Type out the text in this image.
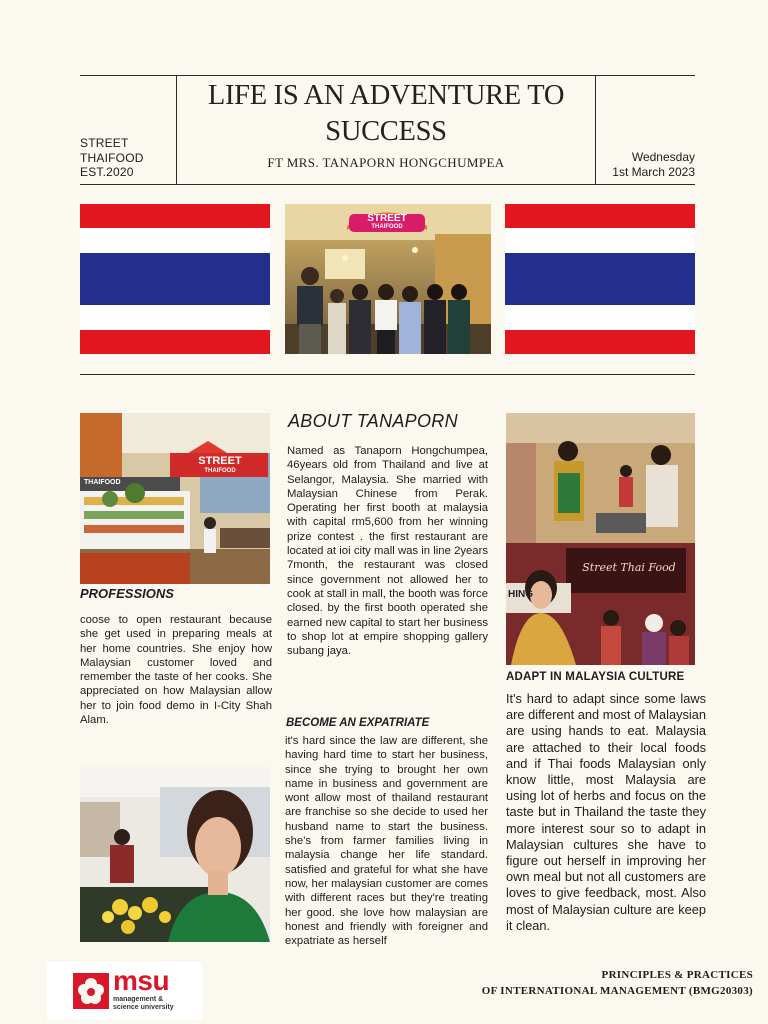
STREET
THAIFOOD
EST.2020
LIFE IS AN ADVENTURE TO SUCCESS
FT MRS. TANAPORN HONGCHUMPEA	Wednesday
1st March 2023
STREET
THAIFOOD
STREET
THAIFOOD
THAIFOOD
PROFESSIONS
coose to open restaurant because she get used in preparing meals at her home countries. She enjoy how Malaysian customer loved and remember the taste of her cooks. She appreciated on how Malaysian allow her to join food demo in I-City Shah Alam.
ABOUT TANAPORN
Named as Tanaporn Hongchumpea, 46years old from Thailand and live at Selangor, Malaysia. She married with Malaysian Chinese from Perak. Operating her first booth at malaysia with capital rm5,600 from her winning prize contest . the first restaurant are located at ioi city mall was in line 2years 7month, the restaurant was closed since government not allowed her to cook at stall in mall, the booth was force closed. by the first booth operated she earned new capital to start her business to shop lot at empire shopping gallery subang jaya.
BECOME AN EXPATRIATE
it's hard since the law are different, she having hard time to start her business, since she trying to brought her own name in business and government are wont allow most of thailand restaurant are franchise so she decide to used her husband name to start the business. she's from farmer families living in malaysia change her life standard. satisfied and grateful for what she have now, her malaysian customer are comes with different races but they're treating her good. she love how malaysian are honest and friendly with foreigner and expatriate as herself
Street Thai Food
HING
ADAPT IN MALAYSIA CULTURE
It's hard to adapt since some laws are different and most of Malaysian are using hands to eat. Malaysia are attached to their local foods and if Thai foods Malaysian only know little, most Malaysia are using lot of herbs and focus on the taste but in Thailand the taste they more interest sour so to adapt in Malaysian cultures she have to figure out herself in improving her own meal but not all customers are loves to give feedback, most. Also most of Malaysian culture are keep it clean.
msu
management &
science university
PRINCIPLES & PRACTICES
OF INTERNATIONAL MANAGEMENT (BMG20303)
